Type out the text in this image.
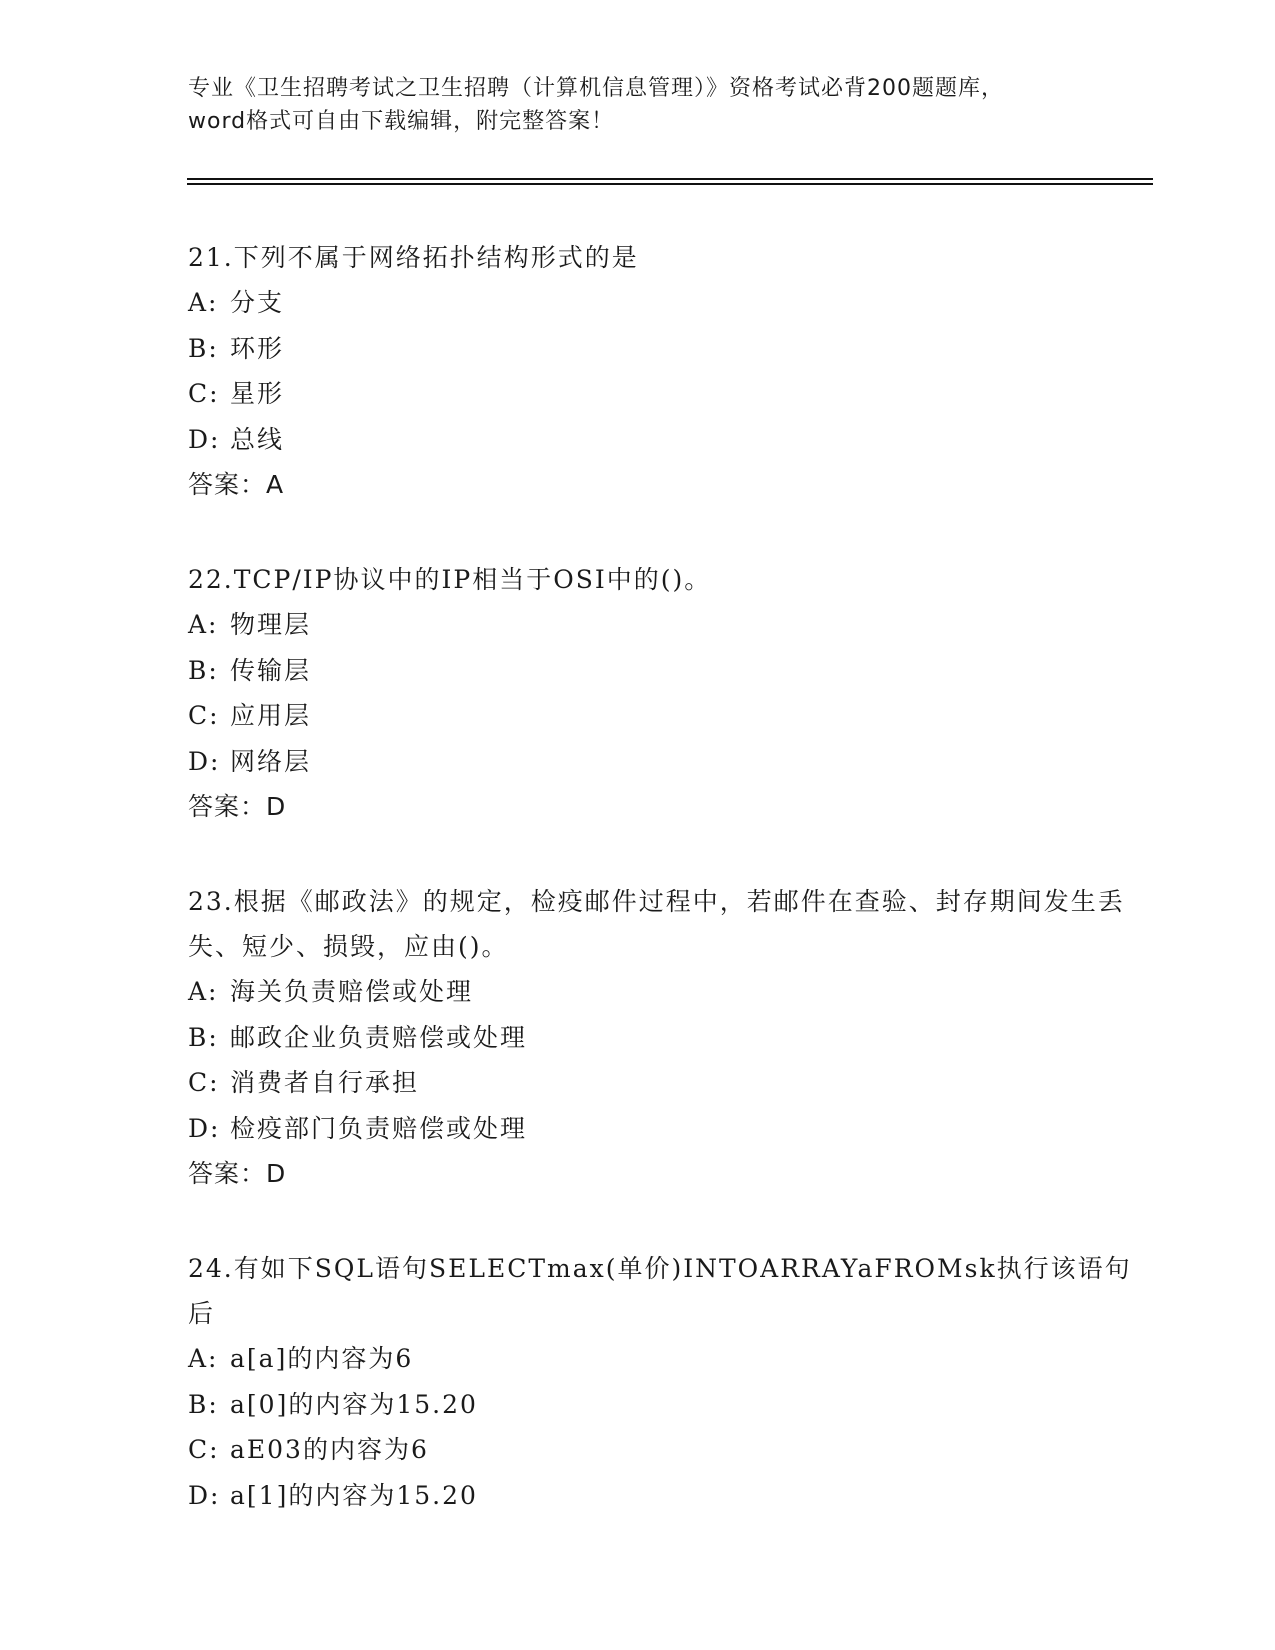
专业《卫生招聘考试之卫生招聘（计算机信息管理）》资格考试必背200题题库，
word格式可自由下载编辑，附完整答案！
21.下列不属于网络拓扑结构形式的是
A: 分支
B: 环形
C: 星形
D: 总线
答案：A
22.TCP/IP协议中的IP相当于OSI中的()。
A: 物理层
B: 传输层
C: 应用层
D: 网络层
答案：D
23.根据《邮政法》的规定，检疫邮件过程中，若邮件在查验、封存期间发生丢失、短少、损毁，应由()。
A: 海关负责赔偿或处理
B: 邮政企业负责赔偿或处理
C: 消费者自行承担
D: 检疫部门负责赔偿或处理
答案：D
24.有如下SQL语句SELECTmax(单价)INTOARRAYaFROMsk执行该语句后
A: a[a]的内容为6
B: a[0]的内容为15.20
C: aE03的内容为6
D: a[1]的内容为15.20
